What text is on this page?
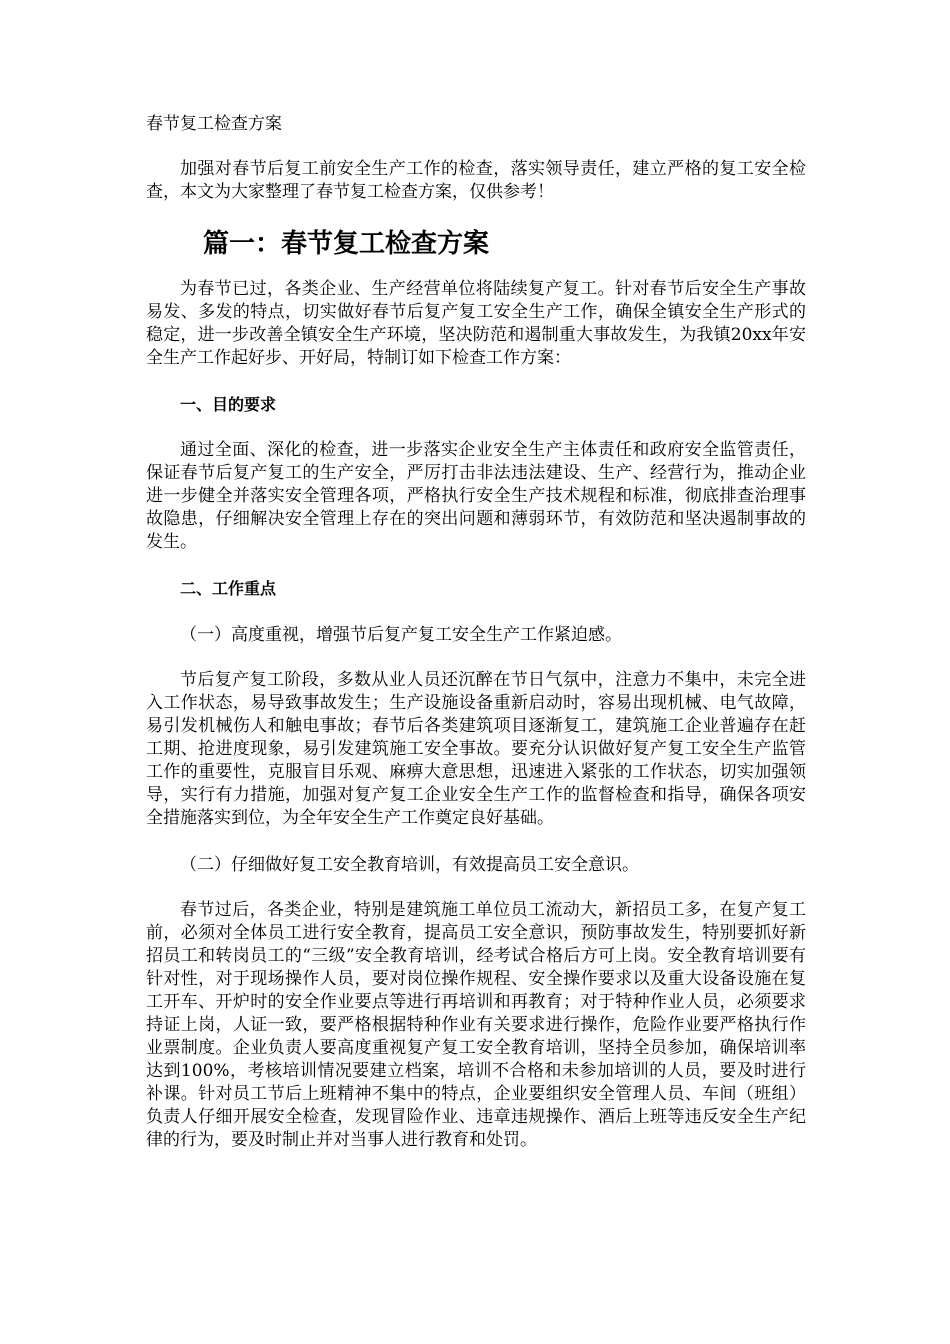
春节复工检查方案

加强对春节后复工前安全生产工作的检查，落实领导责任，建立严格的复工安全检查，本文为大家整理了春节复工检查方案，仅供参考！

篇一：春节复工检查方案

为春节已过，各类企业、生产经营单位将陆续复产复工。针对春节后安全生产事故易发、多发的特点，切实做好春节后复产复工安全生产工作，确保全镇安全生产形式的稳定，进一步改善全镇安全生产环境，坚决防范和遏制重大事故发生，为我镇20xx年安全生产工作起好步、开好局，特制订如下检查工作方案：

一、目的要求

通过全面、深化的检查，进一步落实企业安全生产主体责任和政府安全监管责任，保证春节后复产复工的生产安全，严厉打击非法违法建设、生产、经营行为，推动企业进一步健全并落实安全管理各项，严格执行安全生产技术规程和标准，彻底排查治理事故隐患，仔细解决安全管理上存在的突出问题和薄弱环节，有效防范和坚决遏制事故的发生。

二、工作重点
（一）高度重视，增强节后复产复工安全生产工作紧迫感。

节后复产复工阶段，多数从业人员还沉醉在节日气氛中，注意力不集中，未完全进入工作状态，易导致事故发生；生产设施设备重新启动时，容易出现机械、电气故障，易引发机械伤人和触电事故；春节后各类建筑项目逐渐复工，建筑施工企业普遍存在赶工期、抢进度现象，易引发建筑施工安全事故。要充分认识做好复产复工安全生产监管工作的重要性，克服盲目乐观、麻痹大意思想，迅速进入紧张的工作状态，切实加强领导，实行有力措施，加强对复产复工企业安全生产工作的监督检查和指导，确保各项安全措施落实到位，为全年安全生产工作奠定良好基础。

（二）仔细做好复工安全教育培训，有效提高员工安全意识。

春节过后，各类企业，特别是建筑施工单位员工流动大，新招员工多，在复产复工前，必须对全体员工进行安全教育，提高员工安全意识，预防事故发生，特别要抓好新招员工和转岗员工的“三级”安全教育培训，经考试合格后方可上岗。安全教育培训要有针对性，对于现场操作人员，要对岗位操作规程、安全操作要求以及重大设备设施在复工开车、开炉时的安全作业要点等进行再培训和再教育；对于特种作业人员，必须要求持证上岗，人证一致，要严格根据特种作业有关要求进行操作，危险作业要严格执行作业票制度。企业负责人要高度重视复产复工安全教育培训，坚持全员参加，确保培训率达到100%，考核培训情况要建立档案，培训不合格和未参加培训的人员，要及时进行补课。针对员工节后上班精神不集中的特点，企业要组织安全管理人员、车间（班组）负责人仔细开展安全检查，发现冒险作业、违章违规操作、酒后上班等违反安全生产纪律的行为，要及时制止并对当事人进行教育和处罚。
